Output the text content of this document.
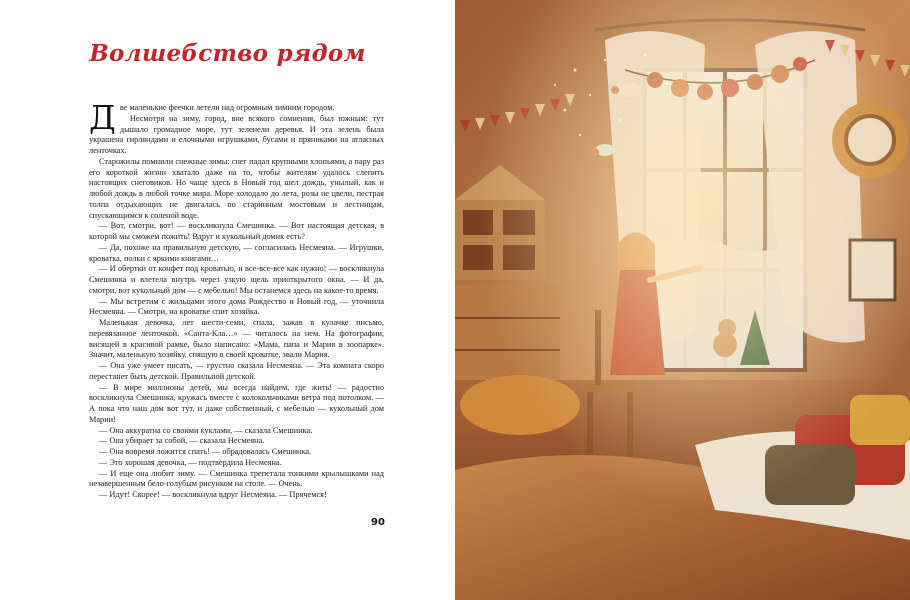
Волшебство рядом

Две маленькие феечки летели над огромным зимним городом.

Несмотря на зиму, город, вне всякого сомнения, был южным: тут дышало громадное море, тут зеленели деревья. И эта зелень была украшена гирляндами и елочными игрушками, бусами и пряниками на атласных ленточках.

Старожилы помнили снежные зимы: снег падал крупными хлопьями, а пару раз его короткой жизни хватало даже на то, чтобы жителям удалось слепить настоящих снеговиков. Но чаще здесь в Новый год шел дождь, унылый, как и любой дождь в любой точке мира. Море холодало до лета, розы не цвели, пестрая толпа отдыхающих не двигалась по старинным мостовым и лестницам, спускающимся к соленой воде.

— Вот, смотри, вот! — воскликнула Смешинка. — Вот настоящая детская, в которой мы сможем пожить! Вдруг и кукольный домик есть?

— Да, похоже на правильную детскую, — согласилась Несмеяна. — Игрушки, кроватка, полки с яркими книгами…

— И обертки от конфет под кроватью, и все-все-все как нужно! — воскликнула Смешинка и влетела внутрь через узкую щель приоткрытого окна. — И да, смотри, вот кукольный дом — с мебелью! Мы останемся здесь на какое-то время.

— Мы встретим с жильцами этого дома Рождество и Новый год, — уточнила Несмеяна. — Смотри, на кроватке спит хозяйка.

Маленькая девочка, лет шести-семи, спала, зажав в кулачке письмо, перевязанное ленточкой. «Санта-Кла…» — читалось на нем. На фотографии, висящей в красивой рамке, было написано: «Мама, папа и Мария в зоопарке». Значит, маленькую хозяйку, спящую в своей кроватке, звали Мария.

— Она уже умеет писать, — грустно сказала Несмеяна. — Эта комната скоро перестанет быть детской. Правильной детской.

— В мире миллионы детей, мы всегда найдем, где жить! — радостно воскликнула Смешинка, кружась вместе с колокольчиками ветра под потолком. — А пока что наш дом вот тут, и даже собственный, с мебелью — кукольный дом Марии!

— Она аккуратна со своими куклами, — сказала Смешинка.

— Она убирает за собой, — сказала Несмеяна.

— Она вовремя ложится спать! — обрадовалась Смешинка.

— Это хорошая девочка, — подтвердила Несмеяна.

— И еще она любит зиму. — Смешинка трепетала тонкими крылышками над незавершенным бело-голубым рисунком на столе. — Очень.

— Идут! Скорее! — воскликнула вдруг Несмеяна. — Прячемся!

90
